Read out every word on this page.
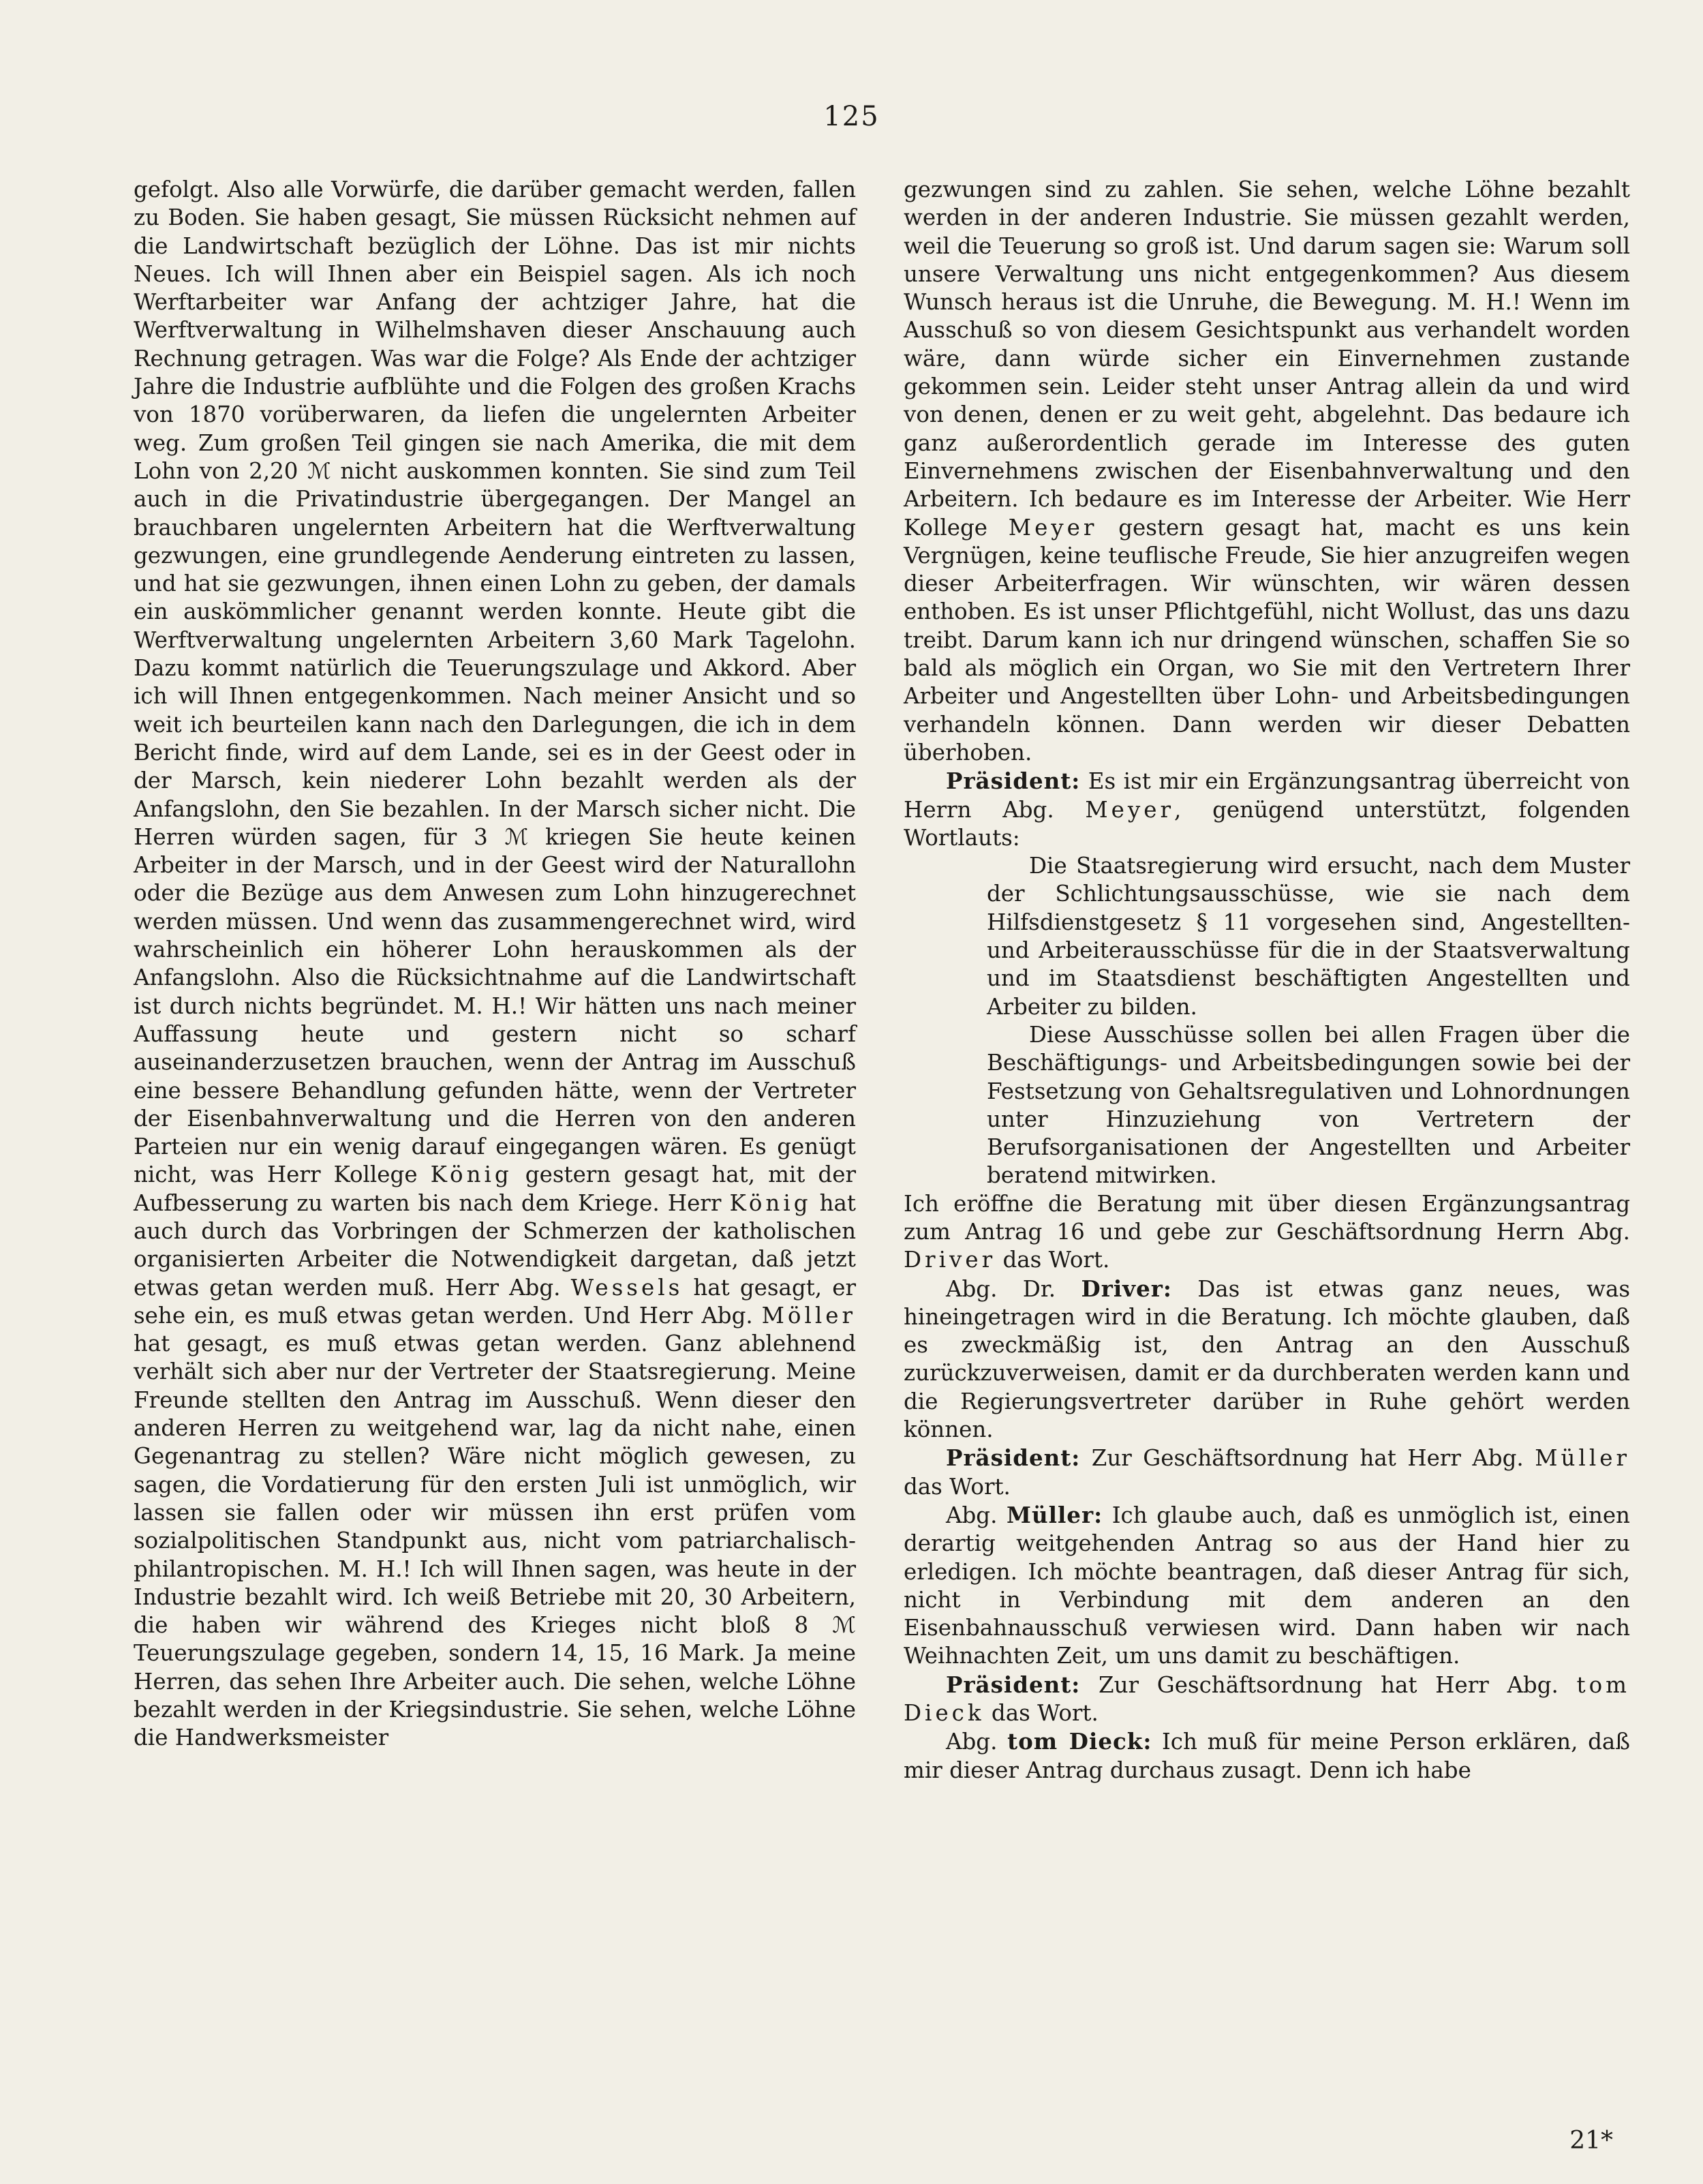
125

gefolgt. Also alle Vorwürfe, die darüber gemacht werden, fallen zu Boden. Sie haben gesagt, Sie müssen Rücksicht nehmen auf die Landwirtschaft bezüglich der Löhne. Das ist mir nichts Neues. Ich will Ihnen aber ein Beispiel sagen. Als ich noch Werftarbeiter war Anfang der achtziger Jahre, hat die Werftverwaltung in Wilhelmshaven dieser Anschauung auch Rechnung getragen. Was war die Folge? Als Ende der achtziger Jahre die Industrie aufblühte und die Folgen des großen Krachs von 1870 vorüberwaren, da liefen die ungelernten Arbeiter weg. Zum großen Teil gingen sie nach Amerika, die mit dem Lohn von 2,20 ℳ nicht auskommen konnten. Sie sind zum Teil auch in die Privatindustrie übergegangen. Der Mangel an brauchbaren ungelernten Arbeitern hat die Werftverwaltung gezwungen, eine grundlegende Aenderung eintreten zu lassen, und hat sie gezwungen, ihnen einen Lohn zu geben, der damals ein auskömmlicher genannt werden konnte. Heute gibt die Werftverwaltung ungelernten Arbeitern 3,60 Mark Tagelohn. Dazu kommt natürlich die Teuerungszulage und Akkord. Aber ich will Ihnen entgegenkommen. Nach meiner Ansicht und so weit ich beurteilen kann nach den Darlegungen, die ich in dem Bericht finde, wird auf dem Lande, sei es in der Geest oder in der Marsch, kein niederer Lohn bezahlt werden als der Anfangslohn, den Sie bezahlen. In der Marsch sicher nicht. Die Herren würden sagen, für 3 ℳ kriegen Sie heute keinen Arbeiter in der Marsch, und in der Geest wird der Naturallohn oder die Bezüge aus dem Anwesen zum Lohn hinzugerechnet werden müssen. Und wenn das zusammengerechnet wird, wird wahrscheinlich ein höherer Lohn herauskommen als der Anfangslohn. Also die Rücksichtnahme auf die Landwirtschaft ist durch nichts begründet. M. H.! Wir hätten uns nach meiner Auffassung heute und gestern nicht so scharf auseinanderzusetzen brauchen, wenn der Antrag im Ausschuß eine bessere Behandlung gefunden hätte, wenn der Vertreter der Eisenbahnverwaltung und die Herren von den anderen Parteien nur ein wenig darauf eingegangen wären. Es genügt nicht, was Herr Kollege König gestern gesagt hat, mit der Aufbesserung zu warten bis nach dem Kriege. Herr König hat auch durch das Vorbringen der Schmerzen der katholischen organisierten Arbeiter die Notwendigkeit dargetan, daß jetzt etwas getan werden muß. Herr Abg. Wessels hat gesagt, er sehe ein, es muß etwas getan werden. Und Herr Abg. Möller hat gesagt, es muß etwas getan werden. Ganz ablehnend verhält sich aber nur der Vertreter der Staatsregierung. Meine Freunde stellten den Antrag im Ausschuß. Wenn dieser den anderen Herren zu weitgehend war, lag da nicht nahe, einen Gegenantrag zu stellen? Wäre nicht möglich gewesen, zu sagen, die Vordatierung für den ersten Juli ist unmöglich, wir lassen sie fallen oder wir müssen ihn erst prüfen vom sozialpolitischen Standpunkt aus, nicht vom patriarchalisch-philantropischen. M. H.! Ich will Ihnen sagen, was heute in der Industrie bezahlt wird. Ich weiß Betriebe mit 20, 30 Arbeitern, die haben wir während des Krieges nicht bloß 8 ℳ Teuerungszulage gegeben, sondern 14, 15, 16 Mark. Ja meine Herren, das sehen Ihre Arbeiter auch. Die sehen, welche Löhne bezahlt werden in der Kriegsindustrie. Sie sehen, welche Löhne die Handwerksmeister

gezwungen sind zu zahlen. Sie sehen, welche Löhne bezahlt werden in der anderen Industrie. Sie müssen gezahlt werden, weil die Teuerung so groß ist. Und darum sagen sie: Warum soll unsere Verwaltung uns nicht entgegenkommen? Aus diesem Wunsch heraus ist die Unruhe, die Bewegung. M. H.! Wenn im Ausschuß so von diesem Gesichtspunkt aus verhandelt worden wäre, dann würde sicher ein Einvernehmen zustande gekommen sein. Leider steht unser Antrag allein da und wird von denen, denen er zu weit geht, abgelehnt. Das bedaure ich ganz außerordentlich gerade im Interesse des guten Einvernehmens zwischen der Eisenbahnverwaltung und den Arbeitern. Ich bedaure es im Interesse der Arbeiter. Wie Herr Kollege Meyer gestern gesagt hat, macht es uns kein Vergnügen, keine teuflische Freude, Sie hier anzugreifen wegen dieser Arbeiterfragen. Wir wünschten, wir wären dessen enthoben. Es ist unser Pflichtgefühl, nicht Wollust, das uns dazu treibt. Darum kann ich nur dringend wünschen, schaffen Sie so bald als möglich ein Organ, wo Sie mit den Vertretern Ihrer Arbeiter und Angestellten über Lohn- und Arbeitsbedingungen verhandeln können. Dann werden wir dieser Debatten überhoben.

Präsident: Es ist mir ein Ergänzungsantrag überreicht von Herrn Abg. Meyer, genügend unterstützt, folgenden Wortlauts:

Die Staatsregierung wird ersucht, nach dem Muster der Schlichtungsausschüsse, wie sie nach dem Hilfsdienstgesetz § 11 vorgesehen sind, Angestellten- und Arbeiterausschüsse für die in der Staatsverwaltung und im Staatsdienst beschäftigten Angestellten und Arbeiter zu bilden.

Diese Ausschüsse sollen bei allen Fragen über die Beschäftigungs- und Arbeitsbedingungen sowie bei der Festsetzung von Gehaltsregulativen und Lohnordnungen unter Hinzuziehung von Vertretern der Berufsorganisationen der Angestellten und Arbeiter beratend mitwirken.

Ich eröffne die Beratung mit über diesen Ergänzungsantrag zum Antrag 16 und gebe zur Geschäftsordnung Herrn Abg. Driver das Wort.

Abg. Dr. Driver: Das ist etwas ganz neues, was hineingetragen wird in die Beratung. Ich möchte glauben, daß es zweckmäßig ist, den Antrag an den Ausschuß zurückzuverweisen, damit er da durchberaten werden kann und die Regierungsvertreter darüber in Ruhe gehört werden können.

Präsident: Zur Geschäftsordnung hat Herr Abg. Müller das Wort.

Abg. Müller: Ich glaube auch, daß es unmöglich ist, einen derartig weitgehenden Antrag so aus der Hand hier zu erledigen. Ich möchte beantragen, daß dieser Antrag für sich, nicht in Verbindung mit dem anderen an den Eisenbahnausschuß verwiesen wird. Dann haben wir nach Weihnachten Zeit, um uns damit zu beschäftigen.

Präsident: Zur Geschäftsordnung hat Herr Abg. tom Dieck das Wort.

Abg. tom Dieck: Ich muß für meine Person erklären, daß mir dieser Antrag durchaus zusagt. Denn ich habe

21*
